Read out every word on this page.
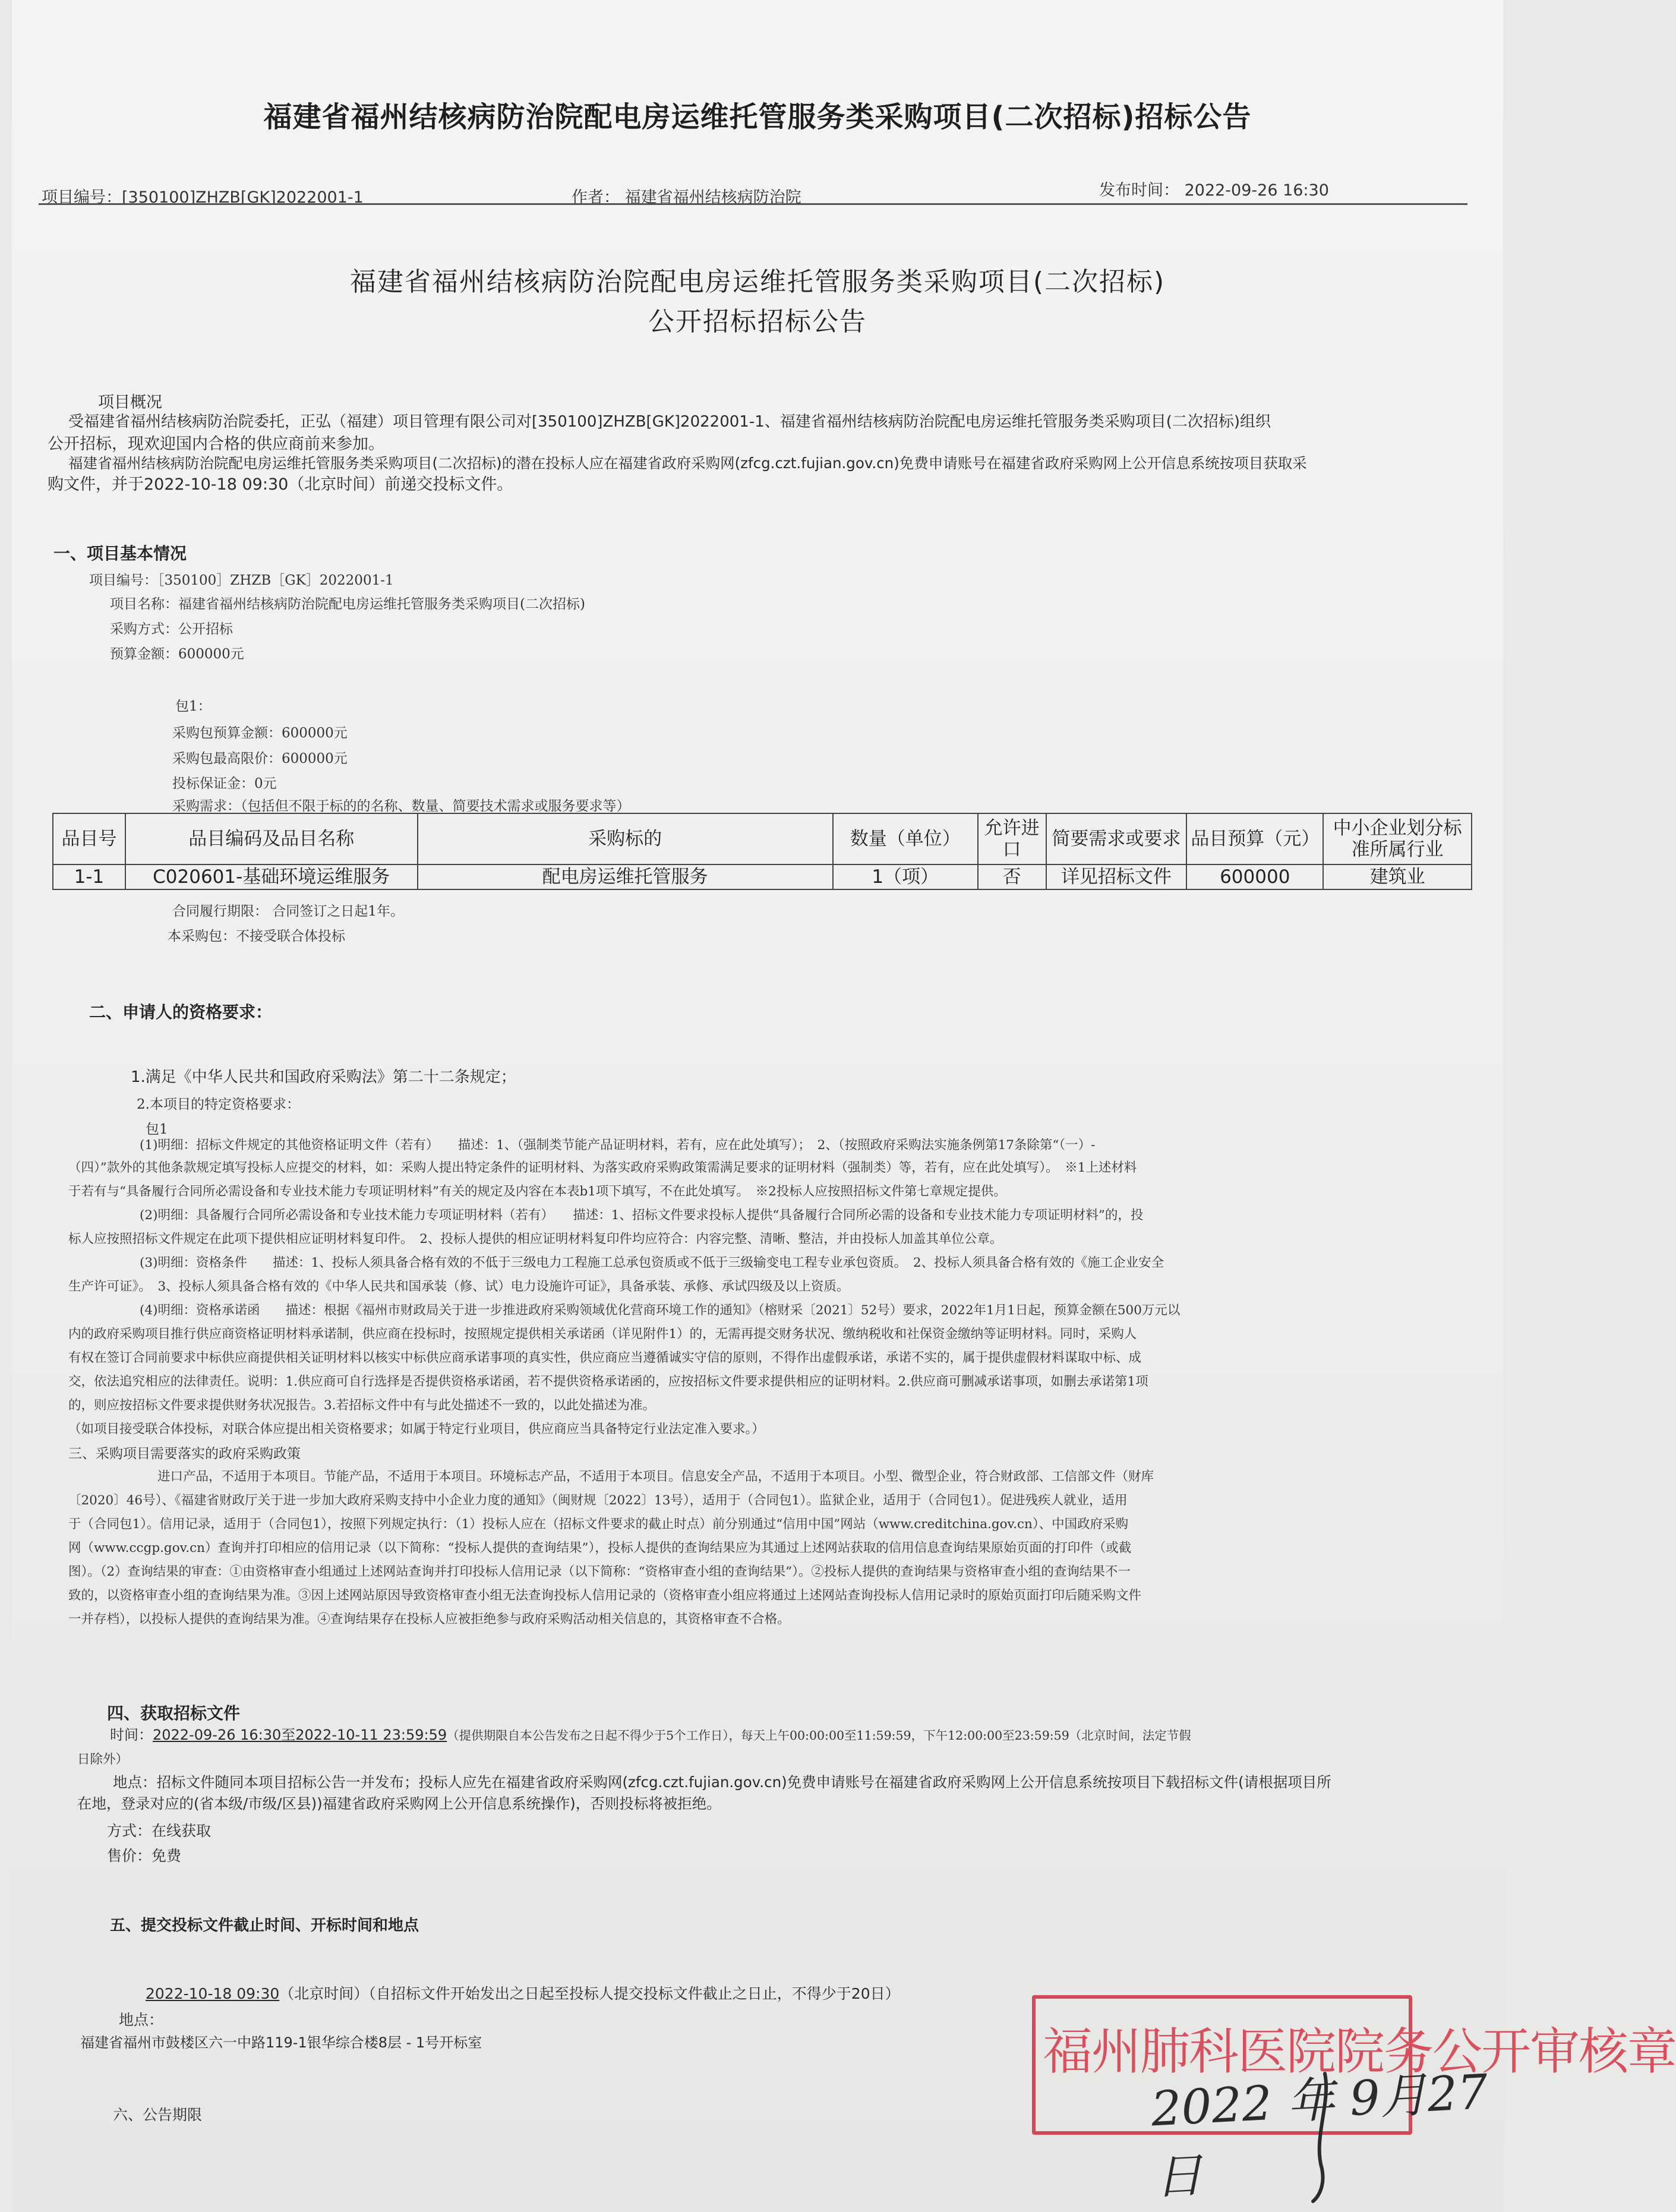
福建省福州结核病防治院配电房运维托管服务类采购项目(二次招标)招标公告
项目编号：[350100]ZHZB[GK]2022001-1	作者： 福建省福州结核病防治院	发布时间： 2022-09-26 16:30
福建省福州结核病防治院配电房运维托管服务类采购项目(二次招标)
公开招标招标公告
项目概况
受福建省福州结核病防治院委托，正弘（福建）项目管理有限公司对[350100]ZHZB[GK]2022001-1、福建省福州结核病防治院配电房运维托管服务类采购项目(二次招标)组织
公开招标，现欢迎国内合格的供应商前来参加。
福建省福州结核病防治院配电房运维托管服务类采购项目(二次招标)的潜在投标人应在福建省政府采购网(zfcg.czt.fujian.gov.cn)免费申请账号在福建省政府采购网上公开信息系统按项目获取采
购文件，并于2022-10-18 09:30（北京时间）前递交投标文件。
一、项目基本情况
项目编号：［350100］ZHZB［GK］2022001-1
项目名称：福建省福州结核病防治院配电房运维托管服务类采购项目(二次招标)
采购方式：公开招标
预算金额：600000元
包1：
采购包预算金额：600000元
采购包最高限价：600000元
投标保证金：0元
采购需求：（包括但不限于标的的名称、数量、简要技术需求或服务要求等）
品目号	品目编码及品目名称	采购标的	数量（单位）	允许进口	简要需求或要求	品目预算（元）	中小企业划分标准所属行业
1-1	C020601-基础环境运维服务	配电房运维托管服务	1（项）	否	详见招标文件	600000	建筑业
合同履行期限： 合同签订之日起1年。
本采购包：不接受联合体投标
二、申请人的资格要求：
1.满足《中华人民共和国政府采购法》第二十二条规定；
2.本项目的特定资格要求：
包1
(1)明细：招标文件规定的其他资格证明文件（若有）　　描述：1、（强制类节能产品证明材料，若有，应在此处填写）；　2、（按照政府采购法实施条例第17条除第“（一）-
（四）”款外的其他条款规定填写投标人应提交的材料，如：采购人提出特定条件的证明材料、为落实政府采购政策需满足要求的证明材料（强制类）等，若有，应在此处填写）。　※1上述材料
于若有与“具备履行合同所必需设备和专业技术能力专项证明材料”有关的规定及内容在本表b1项下填写，不在此处填写。　※2投标人应按照招标文件第七章规定提供。
(2)明细：具备履行合同所必需设备和专业技术能力专项证明材料（若有）　　描述：1、招标文件要求投标人提供“具备履行合同所必需的设备和专业技术能力专项证明材料”的，投
标人应按照招标文件规定在此项下提供相应证明材料复印件。　2、投标人提供的相应证明材料复印件均应符合：内容完整、清晰、整洁，并由投标人加盖其单位公章。
(3)明细：资格条件　　描述：1、投标人须具备合格有效的不低于三级电力工程施工总承包资质或不低于三级输变电工程专业承包资质。　2、投标人须具备合格有效的《施工企业安全
生产许可证》。　3、投标人须具备合格有效的《中华人民共和国承装（修、试）电力设施许可证》，具备承装、承修、承试四级及以上资质。
(4)明细：资格承诺函　　描述：根据《福州市财政局关于进一步推进政府采购领域优化营商环境工作的通知》（榕财采〔2021〕52号）要求，2022年1月1日起，预算金额在500万元以
内的政府采购项目推行供应商资格证明材料承诺制，供应商在投标时，按照规定提供相关承诺函（详见附件1）的，无需再提交财务状况、缴纳税收和社保资金缴纳等证明材料。同时，采购人
有权在签订合同前要求中标供应商提供相关证明材料以核实中标供应商承诺事项的真实性，供应商应当遵循诚实守信的原则，不得作出虚假承诺，承诺不实的，属于提供虚假材料谋取中标、成
交，依法追究相应的法律责任。说明：1.供应商可自行选择是否提供资格承诺函，若不提供资格承诺函的，应按招标文件要求提供相应的证明材料。2.供应商可删减承诺事项，如删去承诺第1项
的，则应按招标文件要求提供财务状况报告。3.若招标文件中有与此处描述不一致的，以此处描述为准。
（如项目接受联合体投标，对联合体应提出相关资格要求；如属于特定行业项目，供应商应当具备特定行业法定准入要求。）
三、采购项目需要落实的政府采购政策
进口产品，不适用于本项目。节能产品，不适用于本项目。环境标志产品，不适用于本项目。信息安全产品，不适用于本项目。小型、微型企业，符合财政部、工信部文件（财库
〔2020〕46号）、《福建省财政厅关于进一步加大政府采购支持中小企业力度的通知》（闽财规〔2022〕13号），适用于（合同包1）。监狱企业，适用于（合同包1）。促进残疾人就业，适用
于（合同包1）。信用记录，适用于（合同包1），按照下列规定执行：（1）投标人应在（招标文件要求的截止时点）前分别通过“信用中国”网站（www.creditchina.gov.cn）、中国政府采购
网（www.ccgp.gov.cn）查询并打印相应的信用记录（以下简称：“投标人提供的查询结果”），投标人提供的查询结果应为其通过上述网站获取的信用信息查询结果原始页面的打印件（或截
图）。（2）查询结果的审查：①由资格审查小组通过上述网站查询并打印投标人信用记录（以下简称：“资格审查小组的查询结果”）。②投标人提供的查询结果与资格审查小组的查询结果不一
致的，以资格审查小组的查询结果为准。③因上述网站原因导致资格审查小组无法查询投标人信用记录的（资格审查小组应将通过上述网站查询投标人信用记录时的原始页面打印后随采购文件
一并存档），以投标人提供的查询结果为准。④查询结果存在投标人应被拒绝参与政府采购活动相关信息的，其资格审查不合格。
四、获取招标文件
时间：2022-09-26 16:30至2022-10-11 23:59:59（提供期限自本公告发布之日起不得少于5个工作日），每天上午00:00:00至11:59:59，下午12:00:00至23:59:59（北京时间，法定节假
日除外）
地点：招标文件随同本项目招标公告一并发布；投标人应先在福建省政府采购网(zfcg.czt.fujian.gov.cn)免费申请账号在福建省政府采购网上公开信息系统按项目下载招标文件(请根据项目所
在地，登录对应的(省本级/市级/区县))福建省政府采购网上公开信息系统操作)，否则投标将被拒绝。
方式：在线获取
售价：免费
五、提交投标文件截止时间、开标时间和地点
2022-10-18 09:30（北京时间）（自招标文件开始发出之日起至投标人提交投标文件截止之日止，不得少于20日）
地点：
福建省福州市鼓楼区六一中路119-1银华综合楼8层 - 1号开标室
六、公告期限
福州肺科医院院务公开审核章
2022 年 9月27日
